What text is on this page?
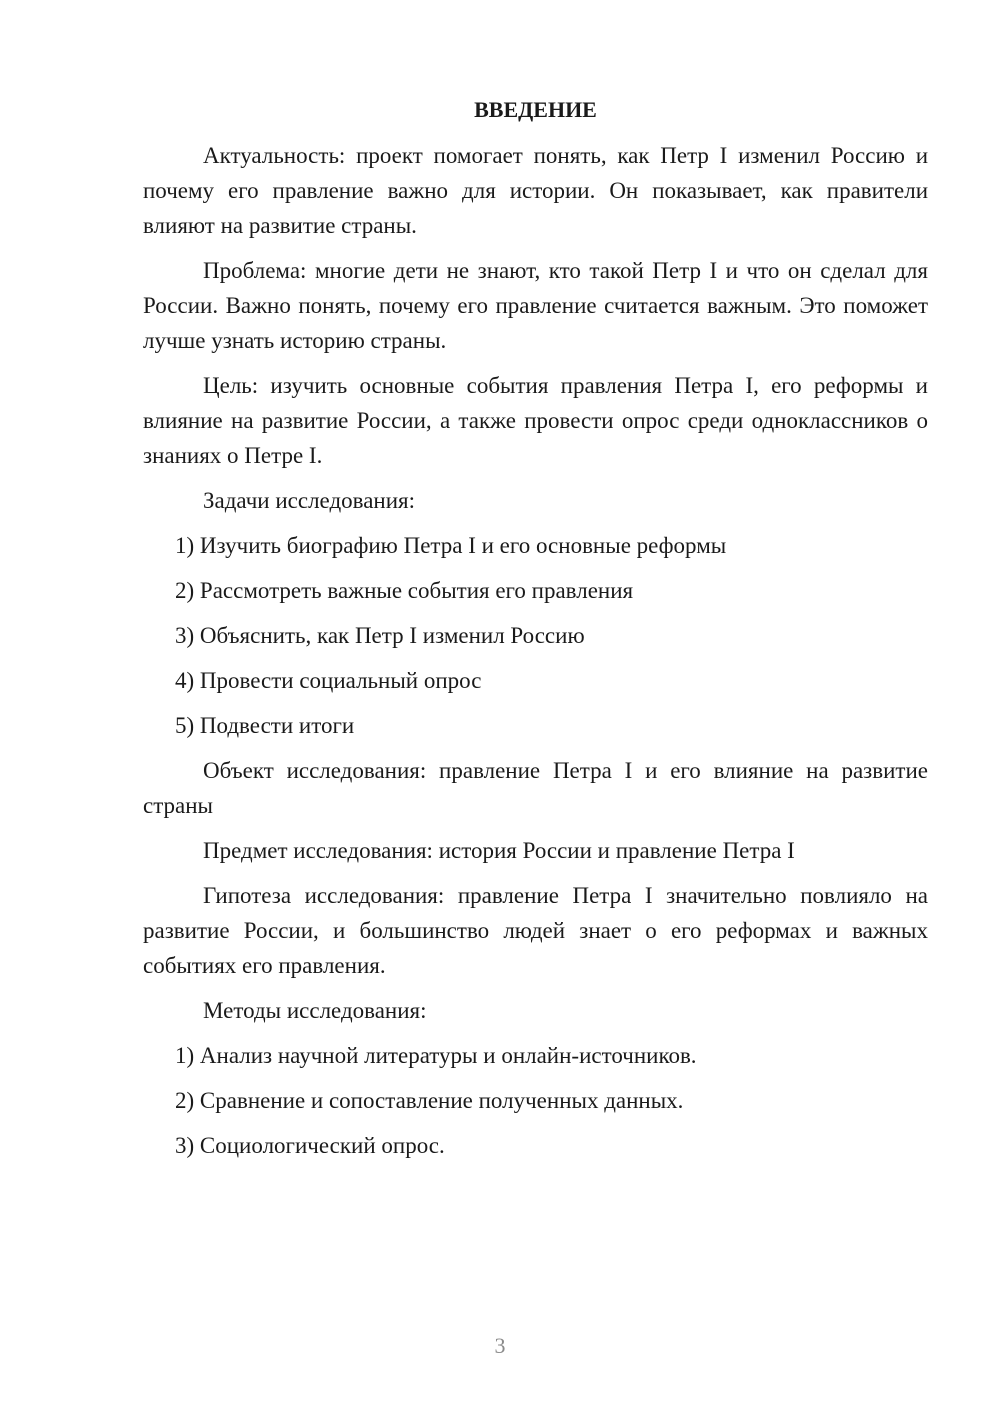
ВВЕДЕНИЕ

Актуальность: проект помогает понять, как Петр I изменил Россию и почему его правление важно для истории. Он показывает, как правители влияют на развитие страны.

Проблема: многие дети не знают, кто такой Петр I и что он сделал для России. Важно понять, почему его правление считается важным. Это поможет лучше узнать историю страны.

Цель: изучить основные события правления Петра I, его реформы и влияние на развитие России, а также провести опрос среди одноклассников о знаниях о Петре I.

Задачи исследования:

1) Изучить биографию Петра I и его основные реформы

2) Рассмотреть важные события его правления

3) Объяснить, как Петр I изменил Россию

4) Провести социальный опрос

5) Подвести итоги

Объект исследования: правление Петра I и его влияние на развитие страны

Предмет исследования: история России и правление Петра I

Гипотеза исследования: правление Петра I значительно повлияло на развитие России, и большинство людей знает о его реформах и важных событиях его правления.

Методы исследования:

1) Анализ научной литературы и онлайн-источников.

2) Сравнение и сопоставление полученных данных.

3) Социологический опрос.

3
